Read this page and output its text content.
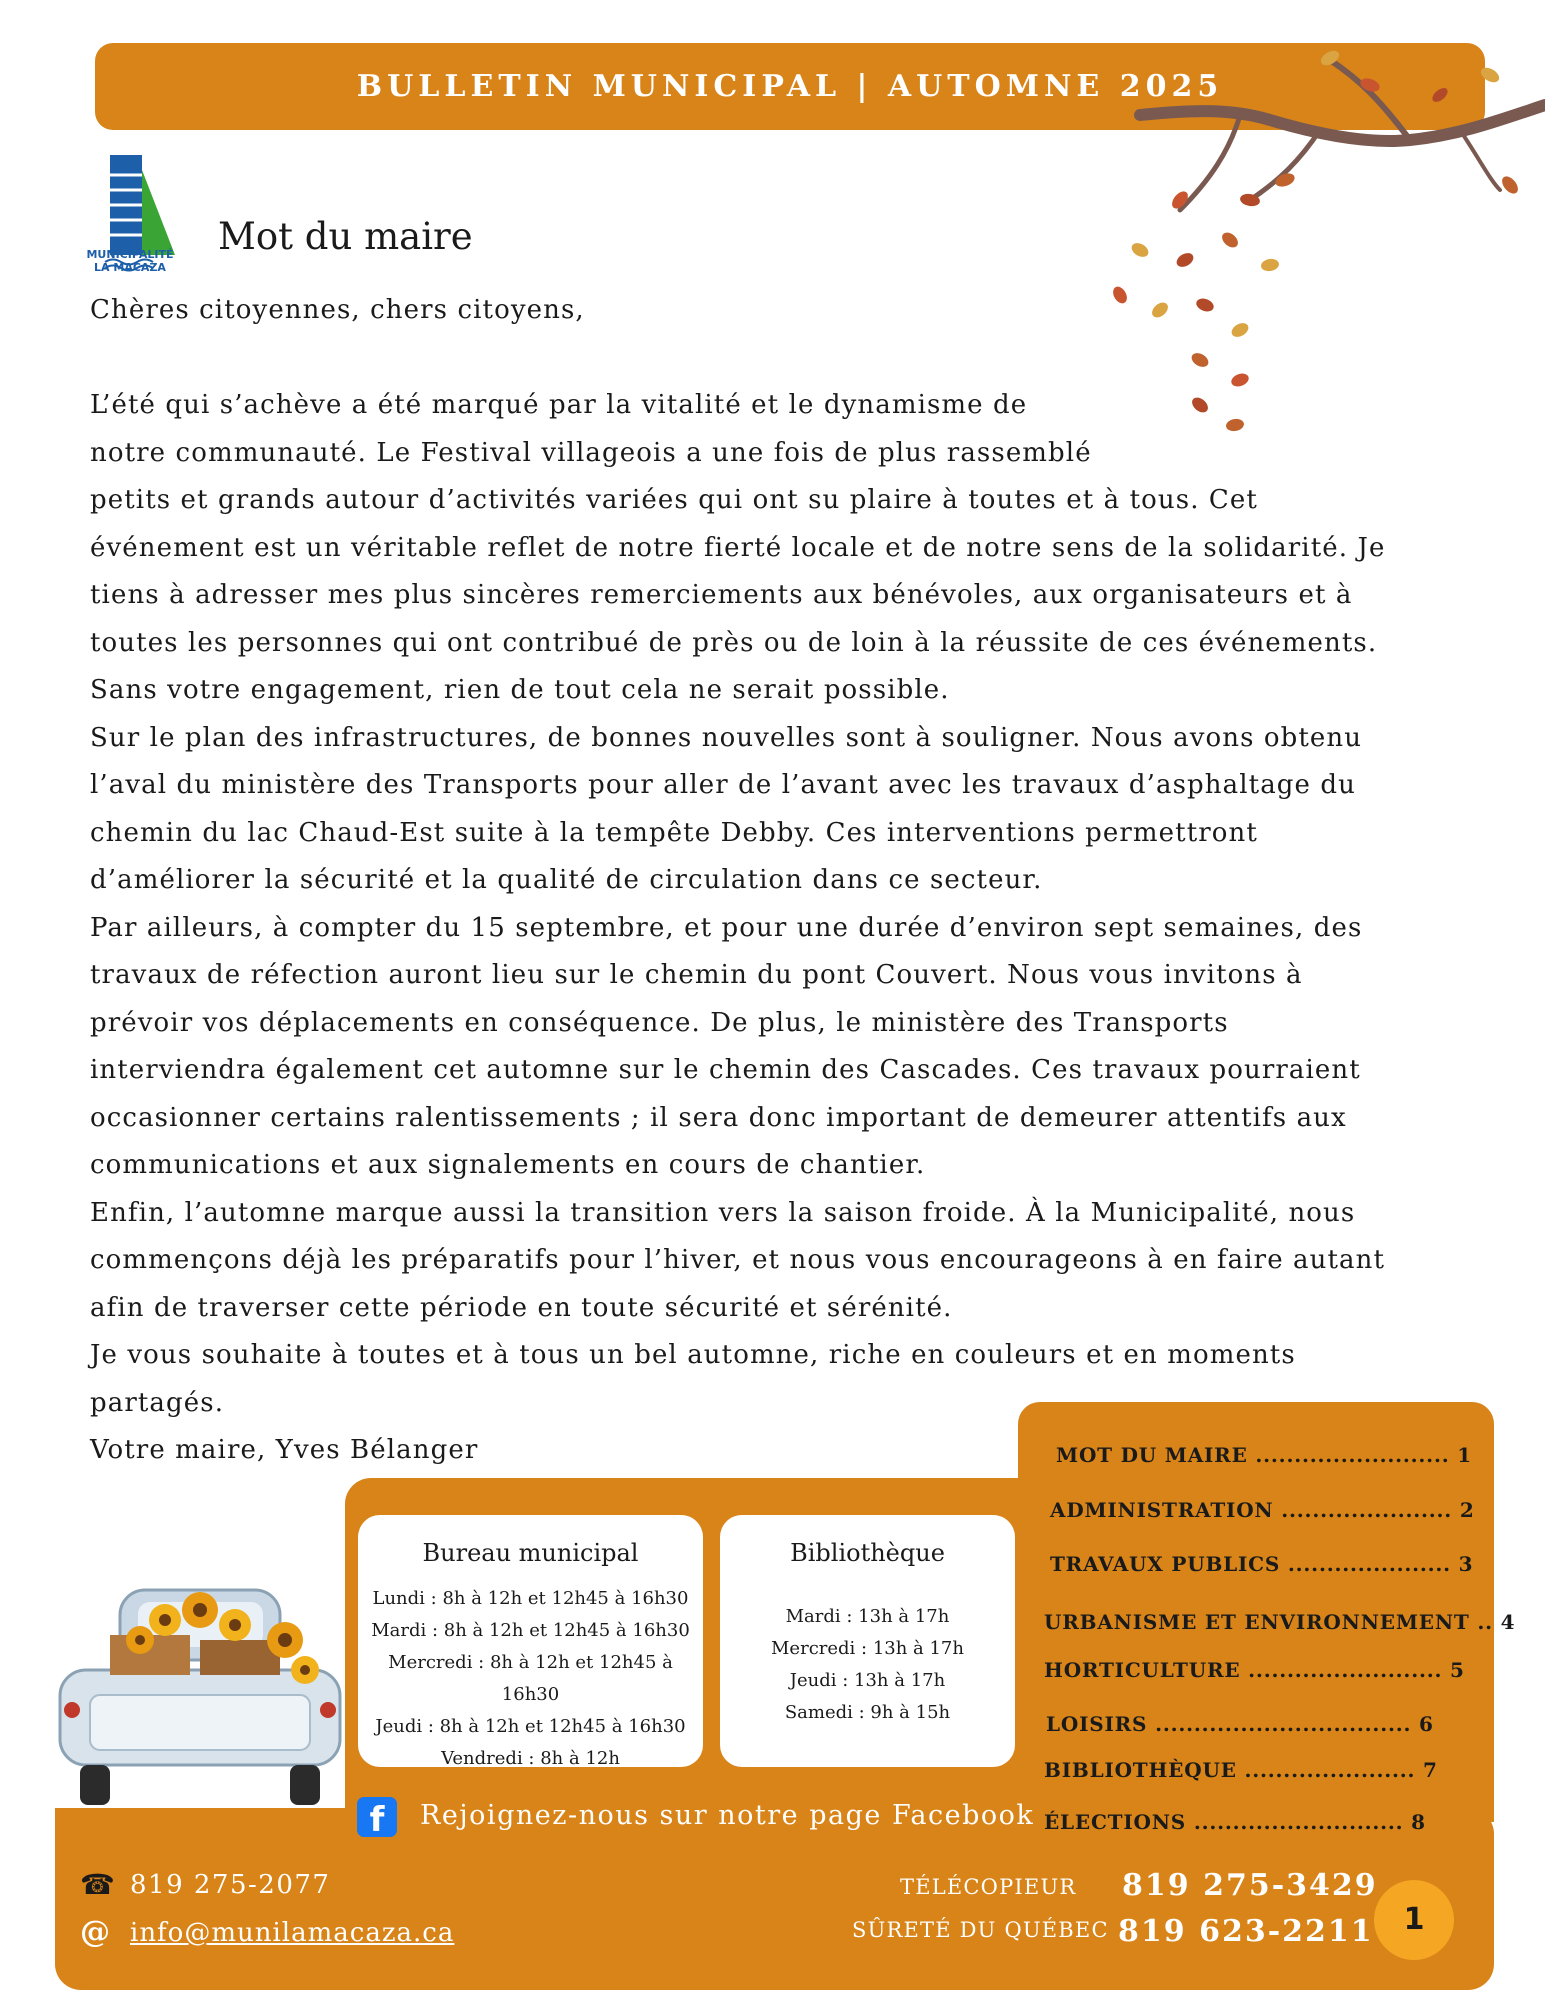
BULLETIN MUNICIPAL | AUTOMNE 2025
MUNICIPALITÉ
LA MACAZA
Mot du maire

Chères citoyennes, chers citoyens,

L’été qui s’achève a été marqué par la vitalité et le dynamisme de

notre communauté. Le Festival villageois a une fois de plus rassemblé

petits et grands autour d’activités variées qui ont su plaire à toutes et à tous. Cet

événement est un véritable reflet de notre fierté locale et de notre sens de la solidarité. Je

tiens à adresser mes plus sincères remerciements aux bénévoles, aux organisateurs et à

toutes les personnes qui ont contribué de près ou de loin à la réussite de ces événements.

Sans votre engagement, rien de tout cela ne serait possible.

Sur le plan des infrastructures, de bonnes nouvelles sont à souligner. Nous avons obtenu

l’aval du ministère des Transports pour aller de l’avant avec les travaux d’asphaltage du

chemin du lac Chaud-Est suite à la tempête Debby. Ces interventions permettront

d’améliorer la sécurité et la qualité de circulation dans ce secteur.

Par ailleurs, à compter du 15 septembre, et pour une durée d’environ sept semaines, des

travaux de réfection auront lieu sur le chemin du pont Couvert. Nous vous invitons à

prévoir vos déplacements en conséquence. De plus, le ministère des Transports

interviendra également cet automne sur le chemin des Cascades. Ces travaux pourraient

occasionner certains ralentissements ; il sera donc important de demeurer attentifs aux

communications et aux signalements en cours de chantier.

Enfin, l’automne marque aussi la transition vers la saison froide. À la Municipalité, nous

commençons déjà les préparatifs pour l’hiver, et nous vous encourageons à en faire autant

afin de traverser cette période en toute sécurité et sérénité.

Je vous souhaite à toutes et à tous un bel automne, riche en couleurs et en moments

partagés.

Votre maire, Yves Bélanger

Bureau municipal
Lundi : 8h à 12h et 12h45 à 16h30
Mardi : 8h à 12h et 12h45 à 16h30
Mercredi : 8h à 12h et 12h45 à 16h30
Jeudi : 8h à 12h et 12h45 à 16h30
Vendredi : 8h à 12h
Bibliothèque
Mardi : 13h à 17h
Mercredi : 13h à 17h
Jeudi : 13h à 17h
Samedi : 9h à 15h
MOT DU MAIRE ......................... 1
ADMINISTRATION ...................... 2
TRAVAUX PUBLICS ..................... 3
URBANISME ET ENVIRONNEMENT .. 4
HORTICULTURE ......................... 5
LOISIRS ................................. 6
BIBLIOTHÈQUE ...................... 7
ÉLECTIONS ........................... 8
f	Rejoignez-nous sur notre page Facebook
☎ 819 275-2077
@ info@munilamacaza.ca
TÉLÉCOPIEUR 819 275-3429
SÛRETÉ DU QUÉBEC 819 623-2211 1
